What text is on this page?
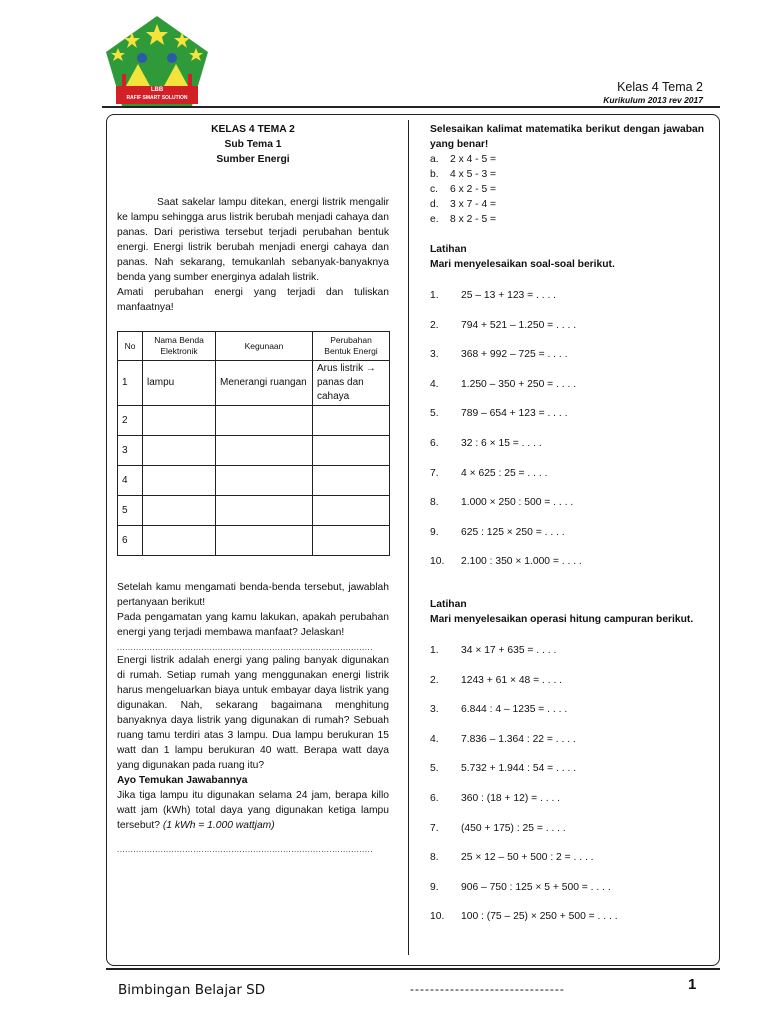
LBB
RAFIF SMART SOLUTION
Kelas 4 Tema 2
Kurikulum 2013 rev 2017
KELAS 4 TEMA 2
Sub Tema 1
Sumber Energi
Saat sakelar lampu ditekan, energi listrik mengalir ke lampu sehingga arus listrik berubah menjadi cahaya dan panas. Dari peristiwa tersebut terjadi perubahan bentuk energi. Energi listrik berubah menjadi energi cahaya dan panas. Nah sekarang, temukanlah sebanyak-banyaknya benda yang sumber energinya adalah listrik.
Amati perubahan energi yang terjadi dan tuliskan manfaatnya!
No	Nama Benda Elektronik	Kegunaan	Perubahan Bentuk Energi
1	lampu	Menerangi ruangan	Arus listrik → panas dan cahaya
2			
3			
4			
5			
6			
Setelah kamu mengamati benda-benda tersebut, jawablah pertanyaan berikut!
Pada pengamatan yang kamu lakukan, apakah perubahan energi yang terjadi membawa manfaat? Jelaskan!
..............................................................................................
Energi listrik adalah energi yang paling banyak digunakan di rumah. Setiap rumah yang menggunakan energi listrik harus mengeluarkan biaya untuk embayar daya listrik yang digunakan. Nah, sekarang bagaimana menghitung banyaknya daya listrik yang digunakan di rumah? Sebuah ruang tamu terdiri atas 3 lampu. Dua lampu berukuran 15 watt dan 1 lampu berukuran 40 watt. Berapa watt daya yang digunakan pada ruang itu?
Ayo Temukan Jawabannya
Jika tiga lampu itu digunakan selama 24 jam, berapa killo watt jam (kWh) total daya yang digunakan ketiga lampu tersebut? (1 kWh = 1.000 wattjam)
..............................................................................................
Selesaikan kalimat matematika berikut dengan jawaban yang benar!
a.	2 x 4 - 5 =
b.	4 x 5 - 3 =
c.	6 x 2 - 5 =
d.	3 x 7 - 4 =
e.	8 x 2 - 5 =
Latihan
Mari menyelesaikan soal-soal berikut.
1.	25 – 13 + 123 = . . . .
2.	794 + 521 – 1.250 = . . . .
3.	368 + 992 – 725 = . . . .
4.	1.250 – 350 + 250 = . . . .
5.	789 – 654 + 123 = . . . .
6.	32 : 6 × 15 = . . . .
7.	4 × 625 : 25 = . . . .
8.	1.000 × 250 : 500 = . . . .
9.	625 : 125 × 250 = . . . .
10.	2.100 : 350 × 1.000 = . . . .
Latihan
Mari menyelesaikan operasi hitung campuran berikut.
1.	34 × 17 + 635 = . . . .
2.	1243 + 61 × 48 = . . . .
3.	6.844 : 4 – 1235 = . . . .
4.	7.836 – 1.364 : 22 = . . . .
5.	5.732 + 1.944 : 54 = . . . .
6.	360 : (18 + 12) = . . . .
7.	(450 + 175) : 25 = . . . .
8.	25 × 12 – 50 + 500 : 2 = . . . .
9.	906 – 750 : 125 × 5 + 500 = . . . .
10.	100 : (75 – 25) × 250 + 500 = . . . .
Bimbingan Belajar SD	-------------------------------	1
